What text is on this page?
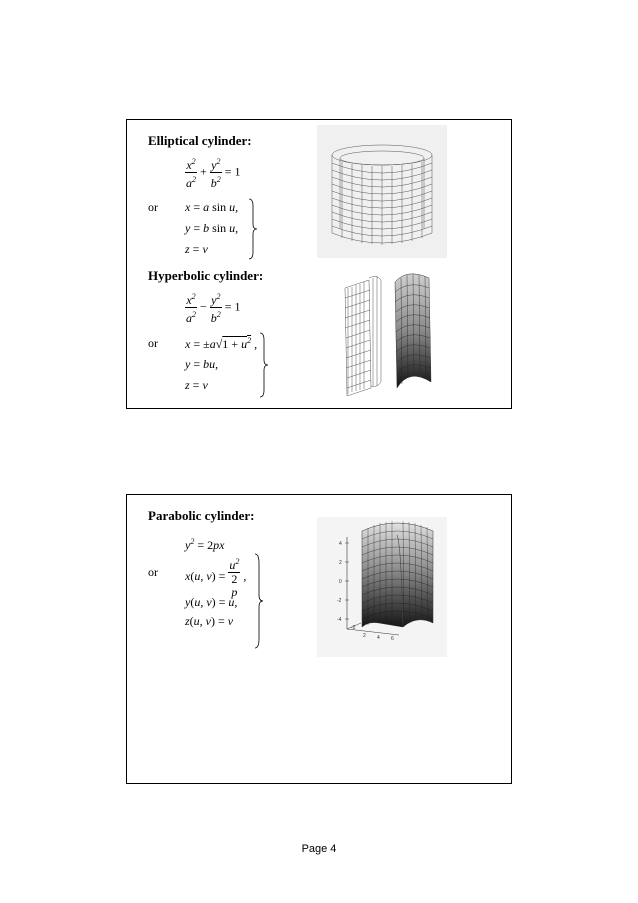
Elliptical cylinder:
$\frac{x^2}{a^2} + \frac{y^2}{b^2} = 1$
or x = a sin u,
y = b sin u,
z = v
Hyperbolic cylinder:
$\frac{x^2}{a^2} - \frac{y^2}{b^2} = 1$
or $x = \pm a√1 + u^2$ ,
y = bu,
z = v
Parabolic cylinder:
$y^2 = 2px$
or x(u, $v) = u^2$
2
p ,
y(u, v) = u,
z(u, v) = v
4
2
0
-2
-4
2 4 6
-2
Page 4
